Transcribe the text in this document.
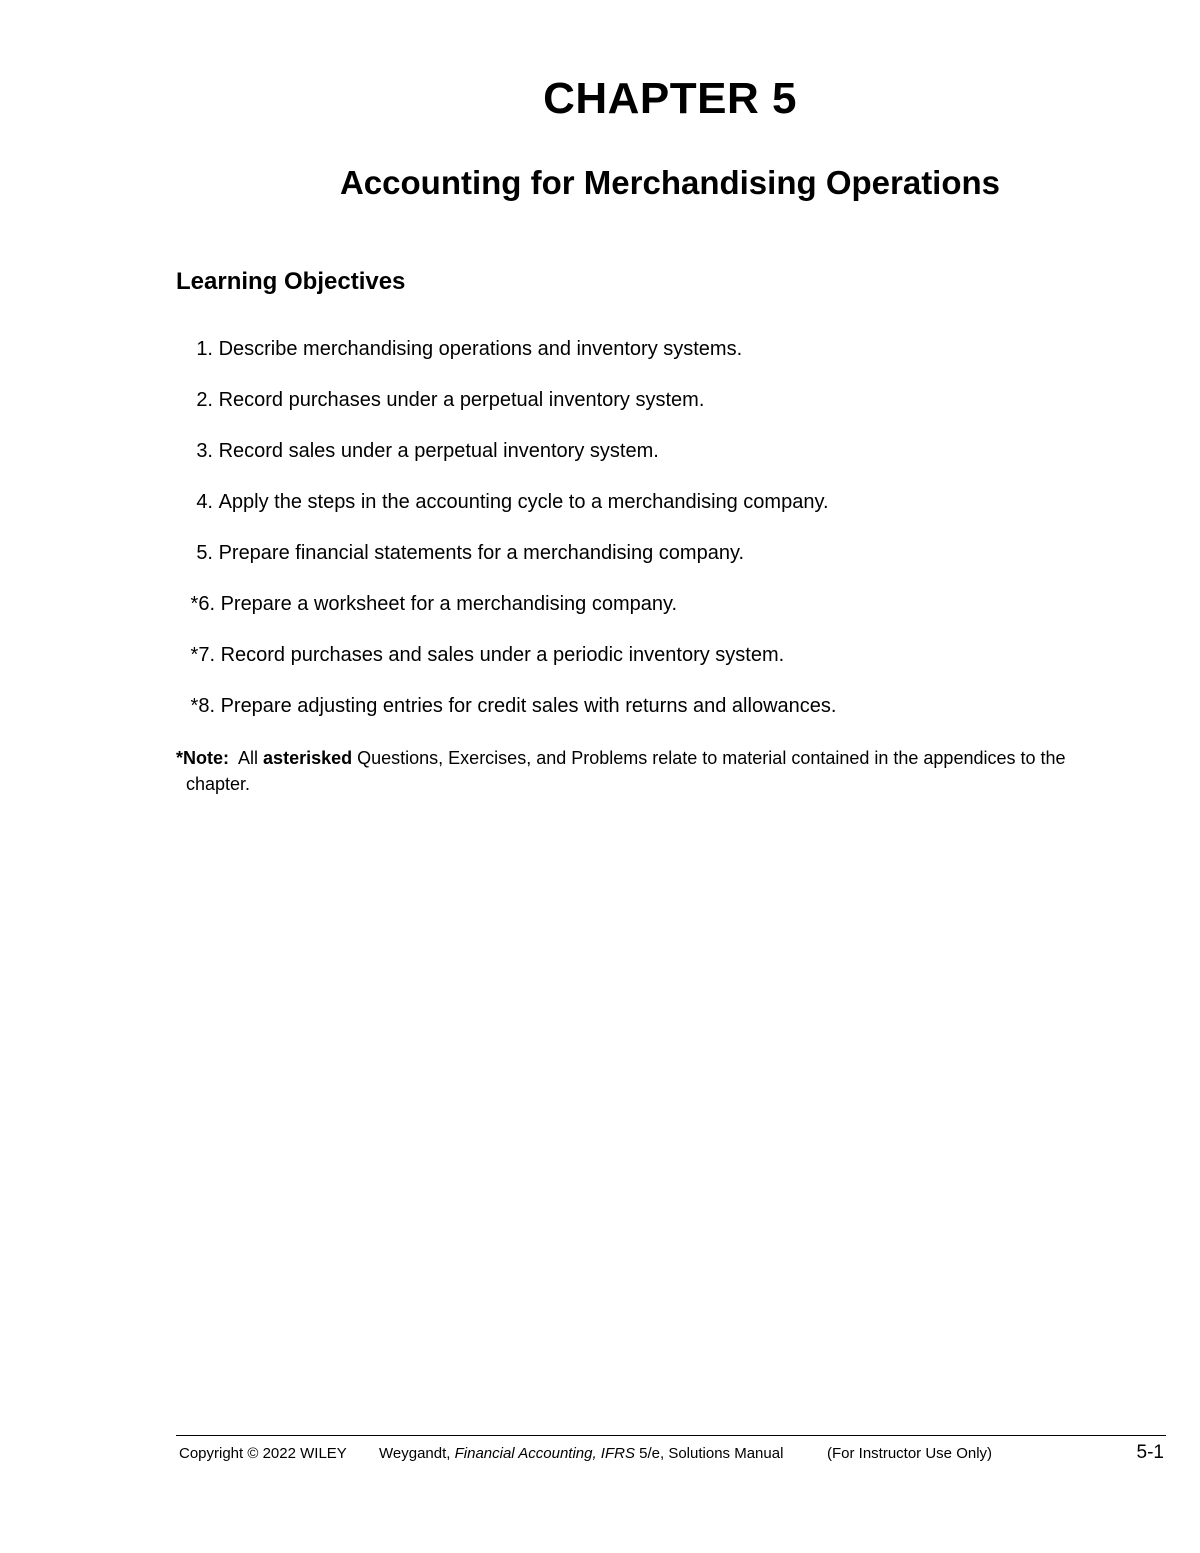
CHAPTER 5
Accounting for Merchandising Operations
Learning Objectives
1. Describe merchandising operations and inventory systems.
2. Record purchases under a perpetual inventory system.
3. Record sales under a perpetual inventory system.
4. Apply the steps in the accounting cycle to a merchandising company.
5. Prepare financial statements for a merchandising company.
*6. Prepare a worksheet for a merchandising company.
*7. Record purchases and sales under a periodic inventory system.
*8. Prepare adjusting entries for credit sales with returns and allowances.
*Note: All asterisked Questions, Exercises, and Problems relate to material contained in the appendices to the
chapter.
Copyright © 2022 WILEY Weygandt, Financial Accounting, IFRS 5/e, Solutions Manual	(For Instructor Use Only)	5-1
